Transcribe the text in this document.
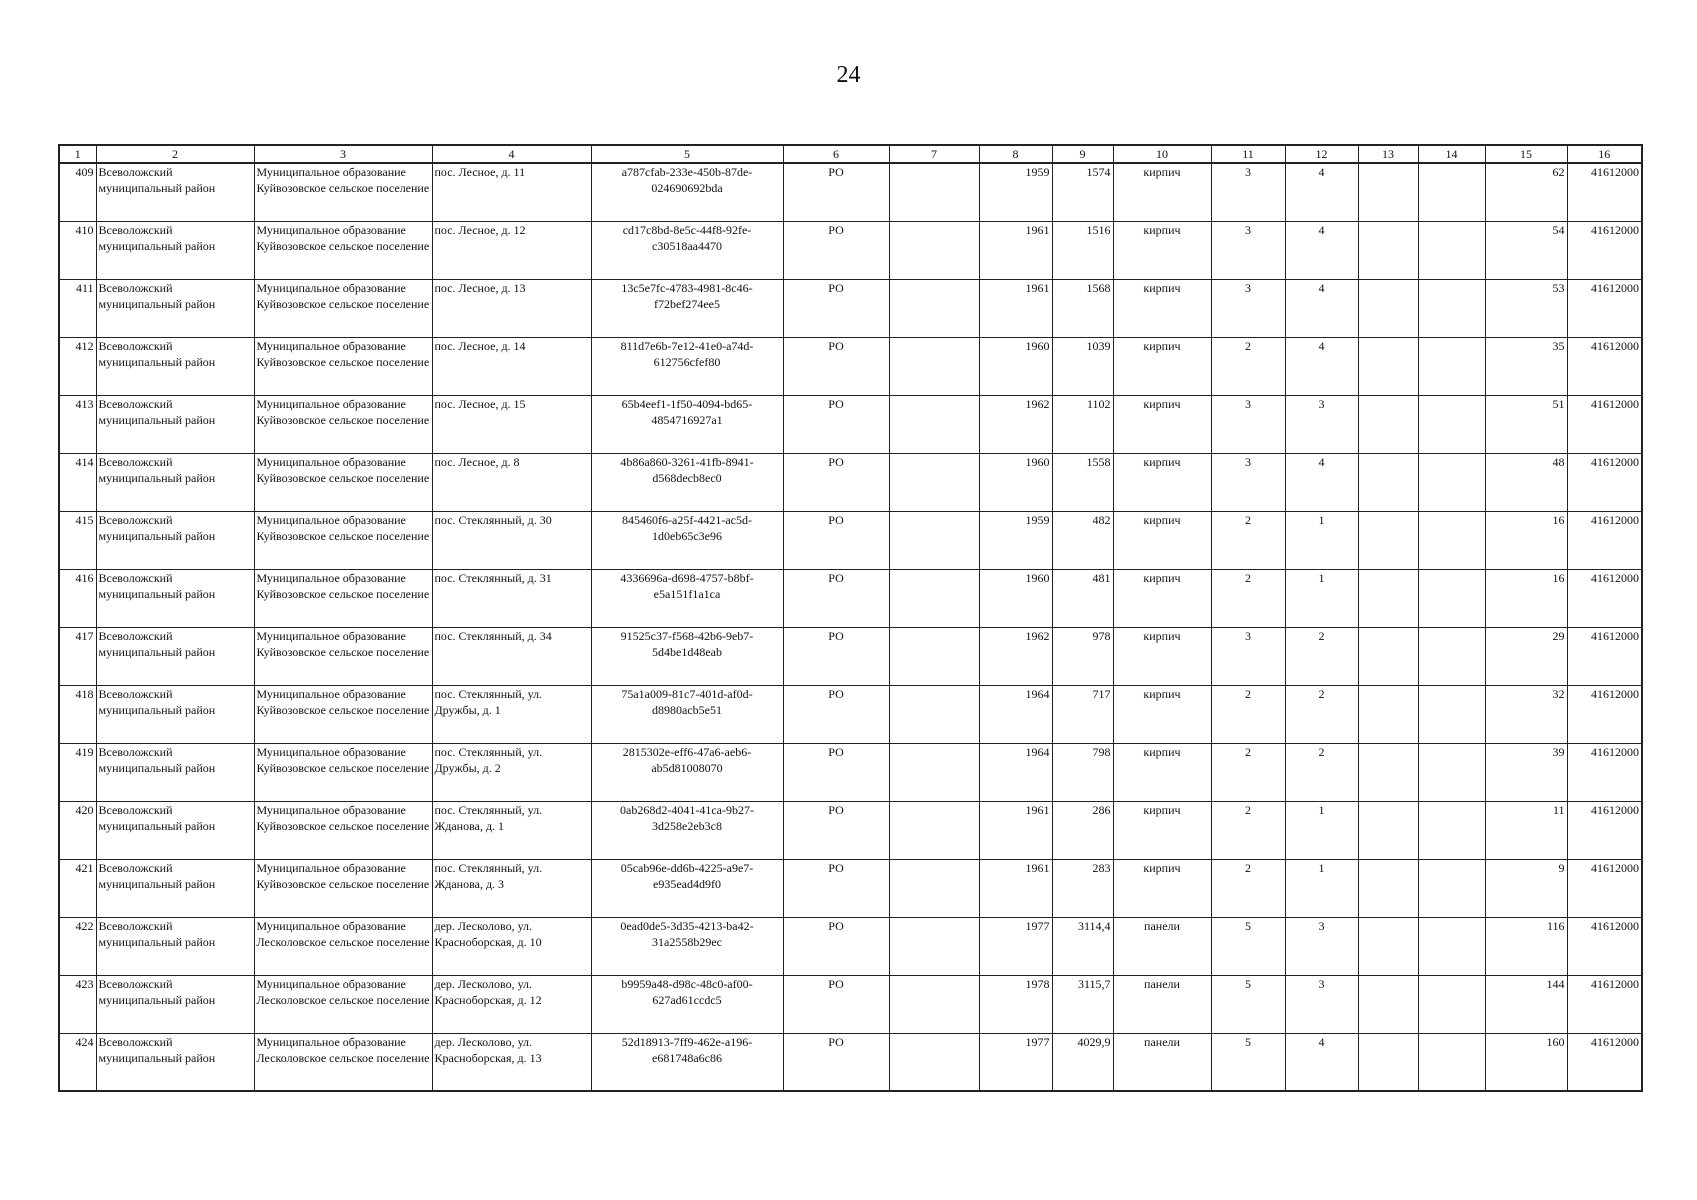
24
1	2	3	4	5	6	7	8	9	10	11	12	13	14	15	16
409	Всеволожский муниципальный район	Муниципальное образование Куйвозовское сельское поселение	пос. Лесное, д. 11	a787cfab-233e-450b-87de-024690692bda	РО		1959	1574	кирпич	3	4			62	41612000
410	Всеволожский муниципальный район	Муниципальное образование Куйвозовское сельское поселение	пос. Лесное, д. 12	cd17c8bd-8e5c-44f8-92fe-c30518aa4470	РО		1961	1516	кирпич	3	4			54	41612000
411	Всеволожский муниципальный район	Муниципальное образование Куйвозовское сельское поселение	пос. Лесное, д. 13	13c5e7fc-4783-4981-8c46-f72bef274ee5	РО		1961	1568	кирпич	3	4			53	41612000
412	Всеволожский муниципальный район	Муниципальное образование Куйвозовское сельское поселение	пос. Лесное, д. 14	811d7e6b-7e12-41e0-a74d-612756cfef80	РО		1960	1039	кирпич	2	4			35	41612000
413	Всеволожский муниципальный район	Муниципальное образование Куйвозовское сельское поселение	пос. Лесное, д. 15	65b4eef1-1f50-4094-bd65-4854716927a1	РО		1962	1102	кирпич	3	3			51	41612000
414	Всеволожский муниципальный район	Муниципальное образование Куйвозовское сельское поселение	пос. Лесное, д. 8	4b86a860-3261-41fb-8941-d568decb8ec0	РО		1960	1558	кирпич	3	4			48	41612000
415	Всеволожский муниципальный район	Муниципальное образование Куйвозовское сельское поселение	пос. Стеклянный, д. 30	845460f6-a25f-4421-ac5d-1d0eb65c3e96	РО		1959	482	кирпич	2	1			16	41612000
416	Всеволожский муниципальный район	Муниципальное образование Куйвозовское сельское поселение	пос. Стеклянный, д. 31	4336696a-d698-4757-b8bf-e5a151f1a1ca	РО		1960	481	кирпич	2	1			16	41612000
417	Всеволожский муниципальный район	Муниципальное образование Куйвозовское сельское поселение	пос. Стеклянный, д. 34	91525c37-f568-42b6-9eb7-5d4be1d48eab	РО		1962	978	кирпич	3	2			29	41612000
418	Всеволожский муниципальный район	Муниципальное образование Куйвозовское сельское поселение	пос. Стеклянный, ул. Дружбы, д. 1	75a1a009-81c7-401d-af0d-d8980acb5e51	РО		1964	717	кирпич	2	2			32	41612000
419	Всеволожский муниципальный район	Муниципальное образование Куйвозовское сельское поселение	пос. Стеклянный, ул. Дружбы, д. 2	2815302e-eff6-47a6-aeb6-ab5d81008070	РО		1964	798	кирпич	2	2			39	41612000
420	Всеволожский муниципальный район	Муниципальное образование Куйвозовское сельское поселение	пос. Стеклянный, ул. Жданова, д. 1	0ab268d2-4041-41ca-9b27-3d258e2eb3c8	РО		1961	286	кирпич	2	1			11	41612000
421	Всеволожский муниципальный район	Муниципальное образование Куйвозовское сельское поселение	пос. Стеклянный, ул. Жданова, д. 3	05cab96e-dd6b-4225-a9e7-e935ead4d9f0	РО		1961	283	кирпич	2	1			9	41612000
422	Всеволожский муниципальный район	Муниципальное образование Лесколовское сельское поселение	дер. Лесколово, ул. Красноборская, д. 10	0ead0de5-3d35-4213-ba42-31a2558b29ec	РО		1977	3114,4	панели	5	3			116	41612000
423	Всеволожский муниципальный район	Муниципальное образование Лесколовское сельское поселение	дер. Лесколово, ул. Красноборская, д. 12	b9959a48-d98c-48c0-af00-627ad61ccdc5	РО		1978	3115,7	панели	5	3			144	41612000
424	Всеволожский муниципальный район	Муниципальное образование Лесколовское сельское поселение	дер. Лесколово, ул. Красноборская, д. 13	52d18913-7ff9-462e-a196-e681748a6c86	РО		1977	4029,9	панели	5	4			160	41612000
